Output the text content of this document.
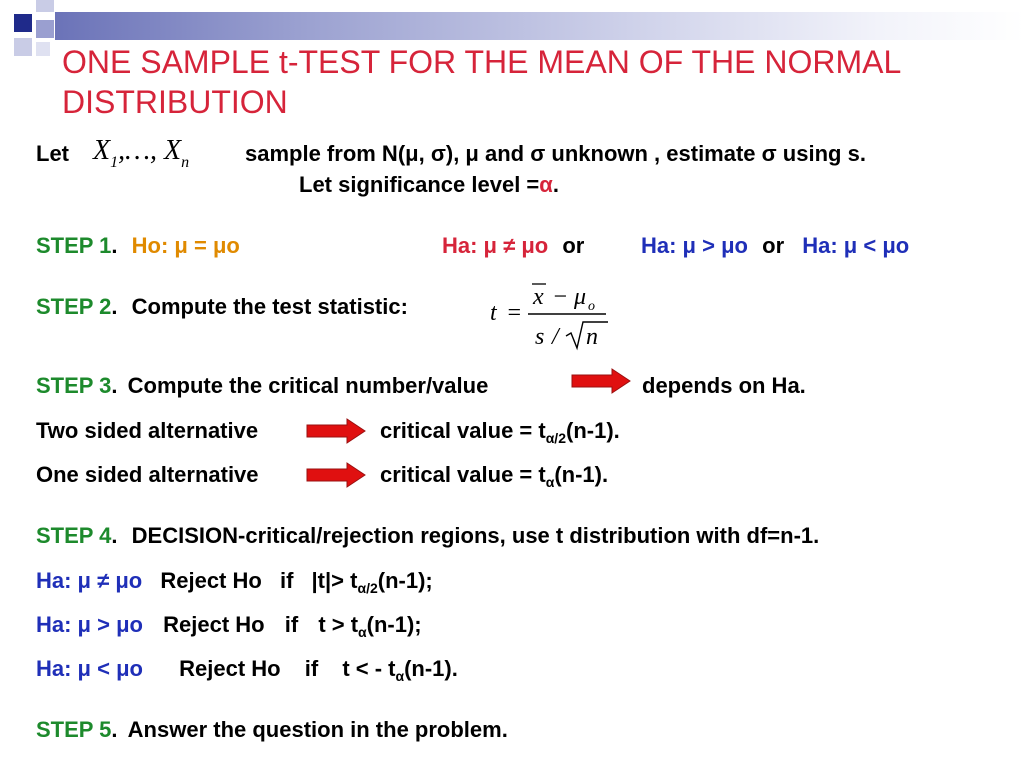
ONE SAMPLE t-TEST FOR THE MEAN OF THE NORMAL DISTRIBUTION
Let $X_1,\dots$, $X_n$	sample from N(μ, σ), μ and σ unknown , estimate σ using s.
Let significance level =α.
STEP 1. Ho: μ = μo	Ha: μ ≠ μo or	Ha: μ > μo or Ha: μ < μo
STEP 2. Compute the test statistic:	t =
x − μ o
s / n
STEP 3. Compute the critical number/value	depends on Ha.
Two sided alternative	critical value = $t_{\alpha/2}(n-1)$.
One sided alternative	critical value = $t_\alpha(n-1)$.
STEP 4. DECISION-critical/rejection regions, use t distribution with df=n-1.
Ha: μ ≠ μo Reject Ho if $|t|> t_{\alpha/2}(n-1)$;
Ha: μ > μo Reject Ho if $t > t_\alpha(n-1)$;
Ha: μ < μo Reject Ho if t < - $t_\alpha(n-1)$.
STEP 5. Answer the question in the problem.
